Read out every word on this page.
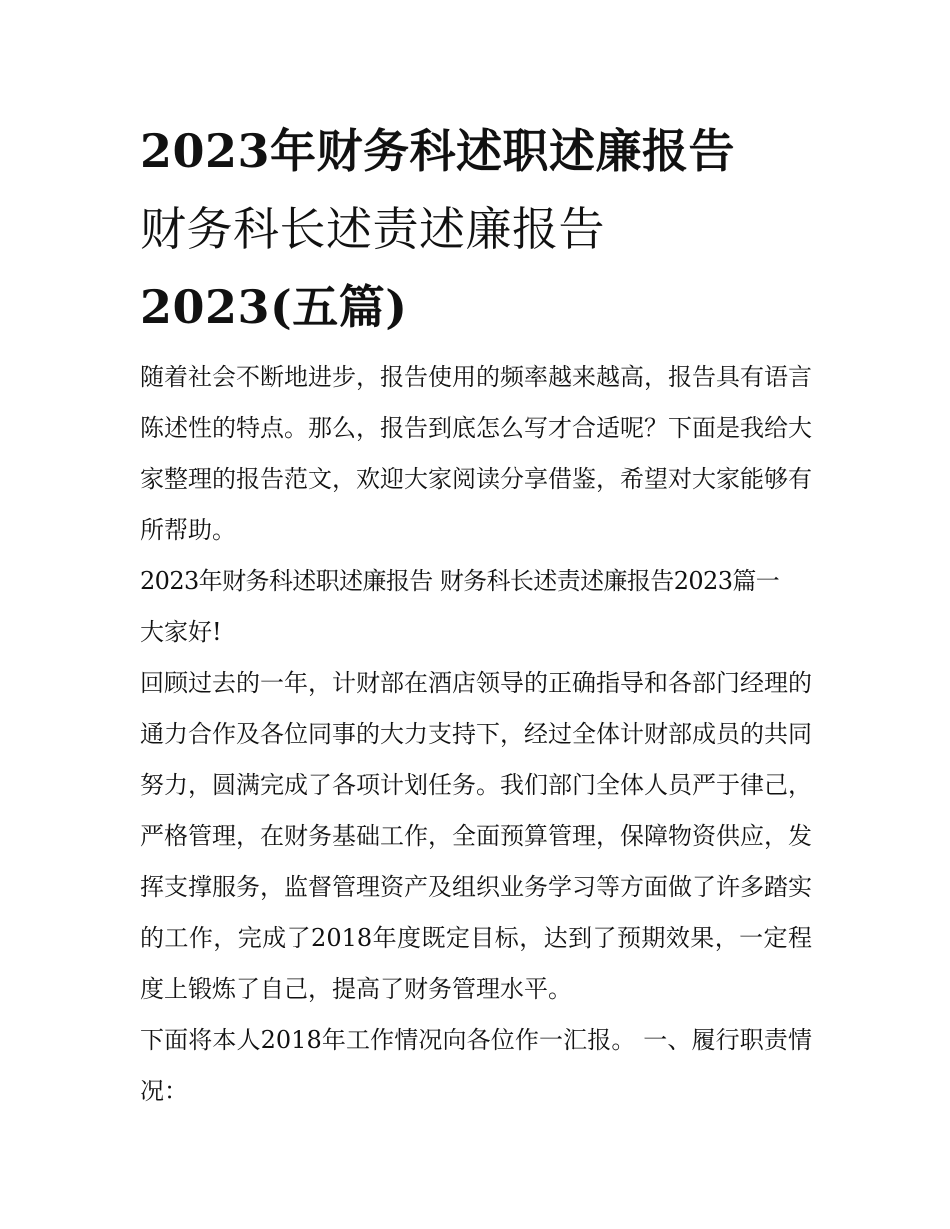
2023年财务科述职述廉报告
财务科长述责述廉报告
2023(五篇)

随着社会不断地进步，报告使用的频率越来越高，报告具有语言陈述性的特点。那么，报告到底怎么写才合适呢？下面是我给大家整理的报告范文，欢迎大家阅读分享借鉴，希望对大家能够有所帮助。

2023年财务科述职述廉报告 财务科长述责述廉报告2023篇一

大家好!

回顾过去的一年，计财部在酒店领导的正确指导和各部门经理的通力合作及各位同事的大力支持下，经过全体计财部成员的共同努力，圆满完成了各项计划任务。我们部门全体人员严于律己，严格管理，在财务基础工作，全面预算管理，保障物资供应，发挥支撑服务，监督管理资产及组织业务学习等方面做了许多踏实的工作，完成了2018年度既定目标，达到了预期效果，一定程度上锻炼了自己，提高了财务管理水平。

下面将本人2018年工作情况向各位作一汇报。 一、履行职责情况：
